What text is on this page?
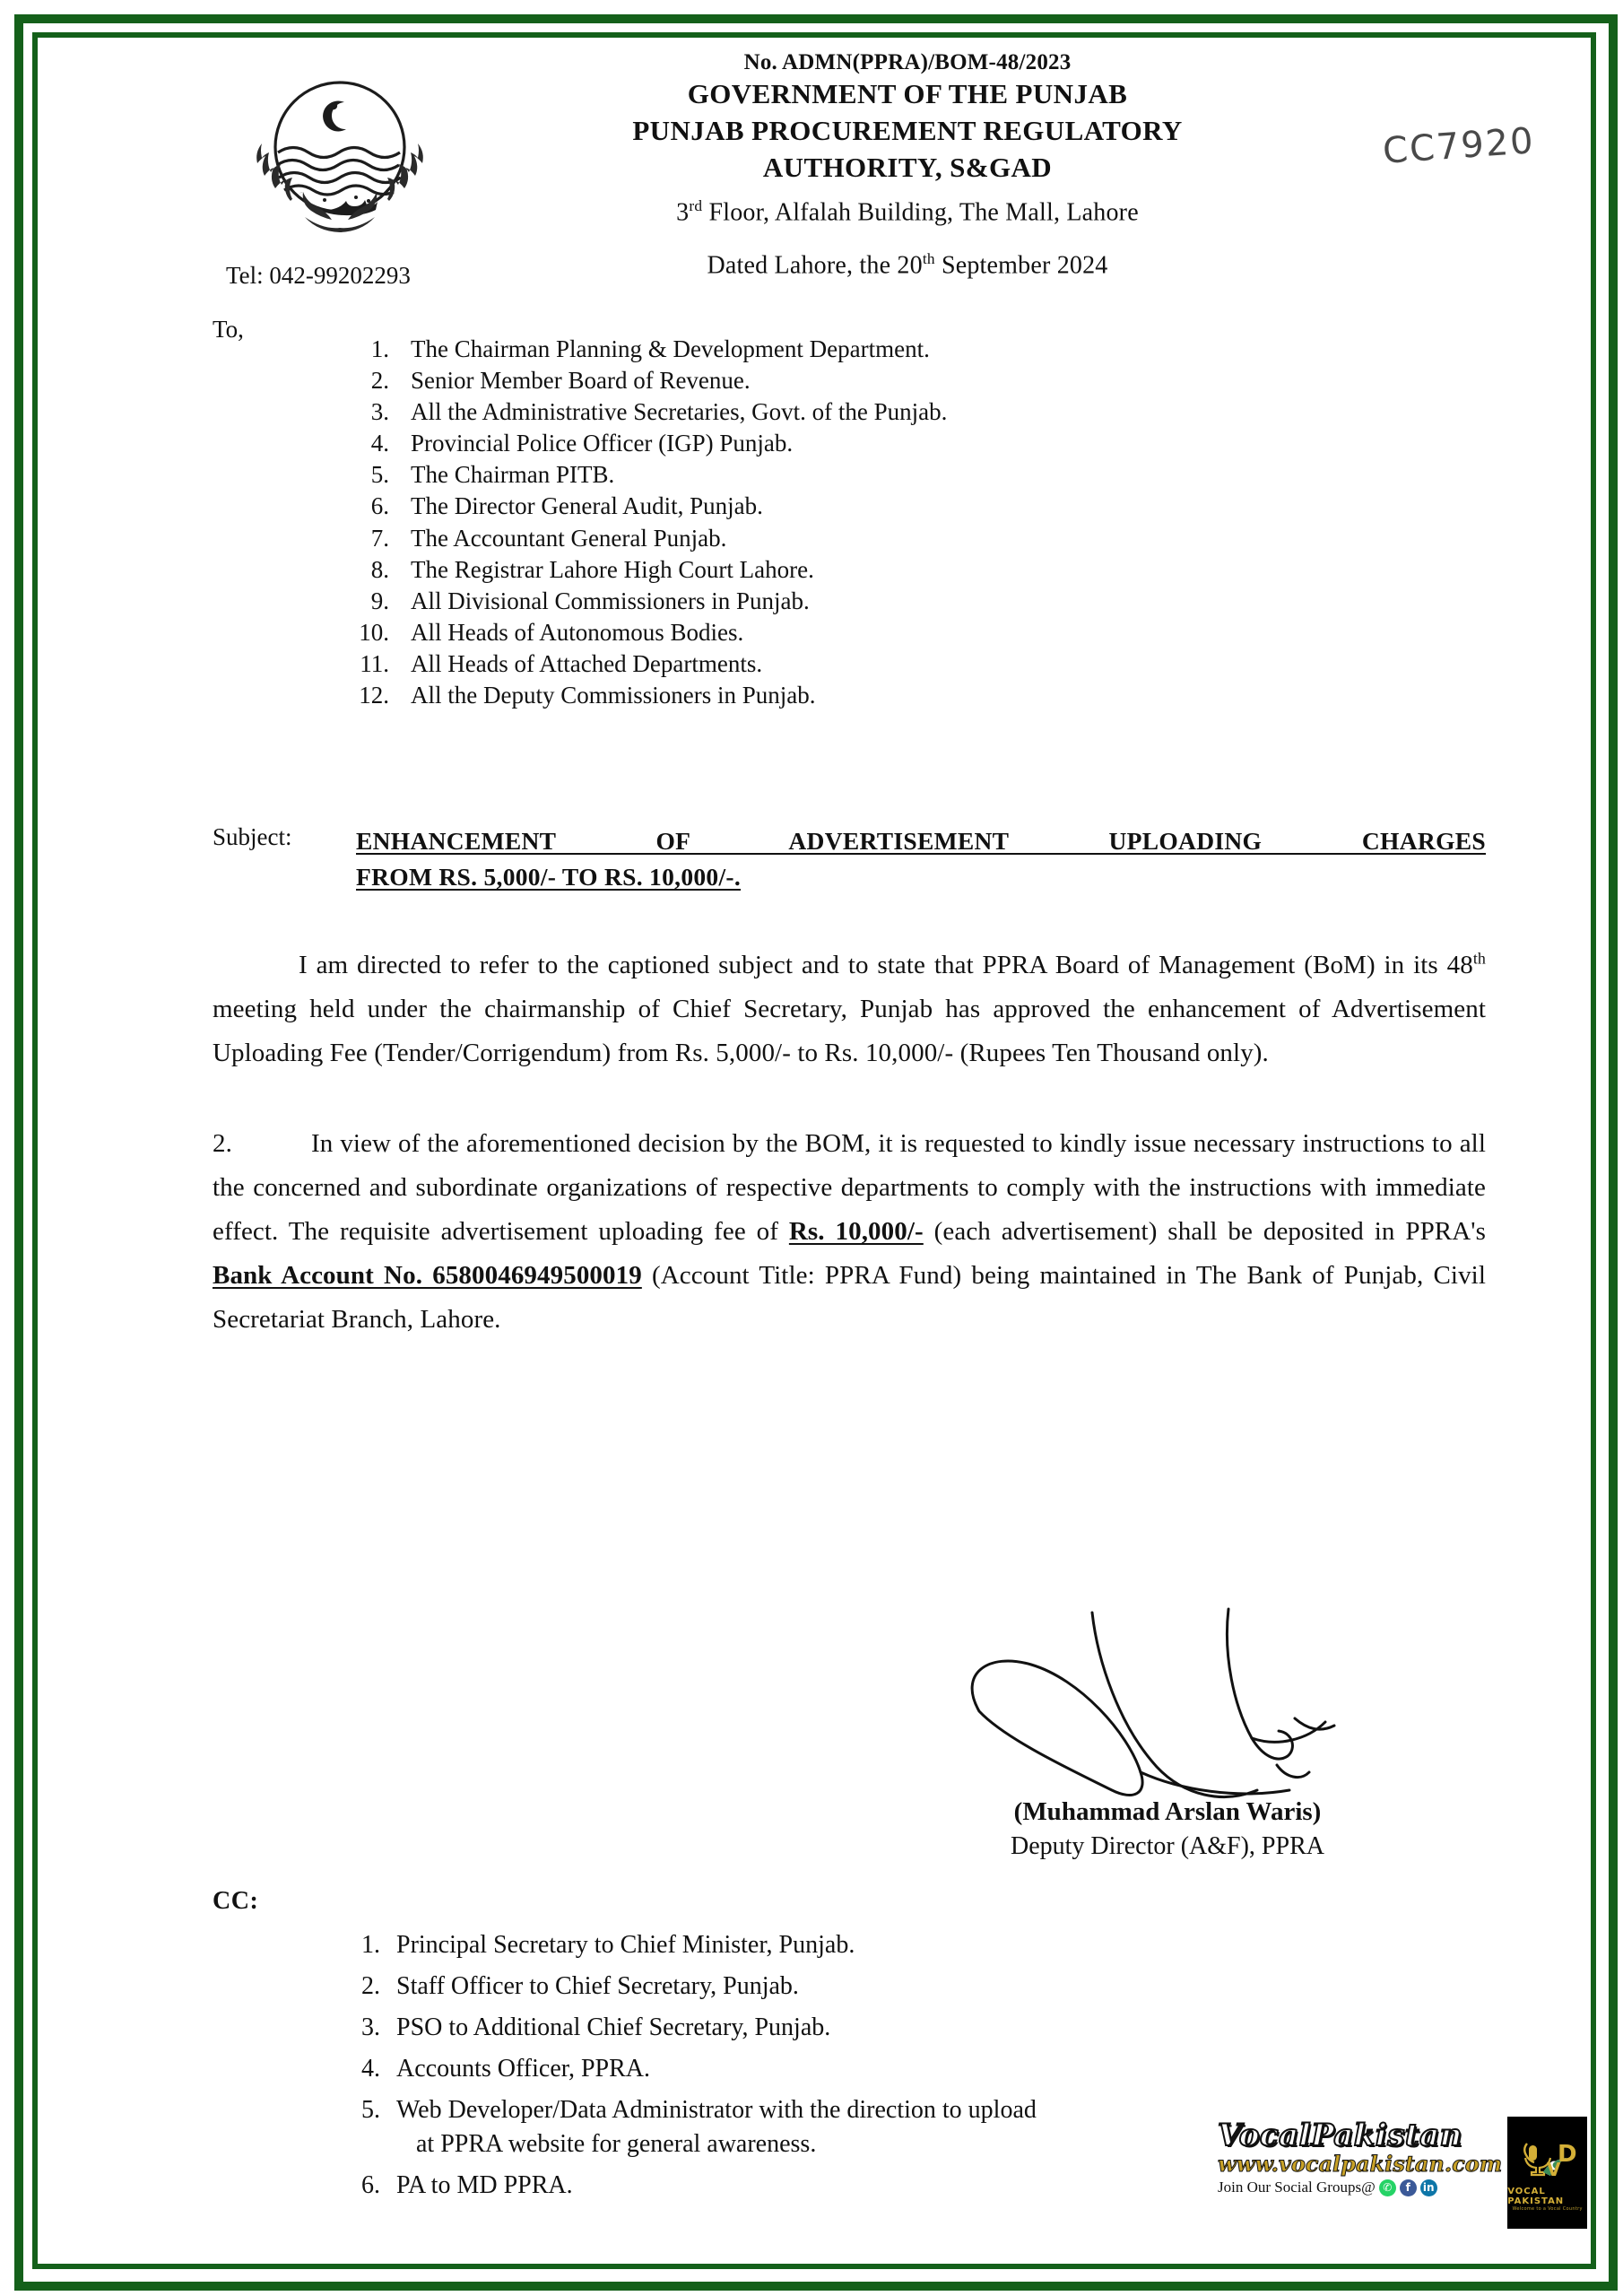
No. ADMN(PPRA)/BOM-48/2023
GOVERNMENT OF THE PUNJAB
PUNJAB PROCUREMENT REGULATORY
AUTHORITY, S&GAD
3rd Floor, Alfalah Building, The Mall, Lahore
Dated Lahore, the 20th September 2024
CC7920
Tel: 042-99202293
To,
1. The Chairman Planning & Development Department.
2. Senior Member Board of Revenue.
3. All the Administrative Secretaries, Govt. of the Punjab.
4. Provincial Police Officer (IGP) Punjab.
5. The Chairman PITB.
6. The Director General Audit, Punjab.
7. The Accountant General Punjab.
8. The Registrar Lahore High Court Lahore.
9. All Divisional Commissioners in Punjab.
10. All Heads of Autonomous Bodies.
11. All Heads of Attached Departments.
12. All the Deputy Commissioners in Punjab.
Subject:	ENHANCEMENT OF ADVERTISEMENT UPLOADING CHARGES
FROM RS. 5,000/- TO RS. 10,000/-.

I am directed to refer to the captioned subject and to state that PPRA Board of Management (BoM) in its 48th meeting held under the chairmanship of Chief Secretary, Punjab has approved the enhancement of Advertisement Uploading Fee (Tender/Corrigendum) from Rs. 5,000/- to Rs. 10,000/- (Rupees Ten Thousand only).

2.	In view of the aforementioned decision by the BOM, it is requested to kindly issue necessary instructions to all the concerned and subordinate organizations of respective departments to comply with the instructions with immediate effect. The requisite advertisement uploading fee of Rs. 10,000/- (each advertisement) shall be deposited in PPRA's Bank Account No. 6580046949500019 (Account Title: PPRA Fund) being maintained in The Bank of Punjab, Civil Secretariat Branch, Lahore.

(Muhammad Arslan Waris)
Deputy Director (A&F), PPRA
CC:
1. Principal Secretary to Chief Minister, Punjab.
2. Staff Officer to Chief Secretary, Punjab.
3. PSO to Additional Chief Secretary, Punjab.
4. Accounts Officer, PPRA.
5. Web Developer/Data Administrator with the direction to upload
at PPRA website for general awareness.
6. PA to MD PPRA.
VocalPakistan
www.vocalpakistan.com
Join Our Social Groups@ ✆	f	in
D
V
VOCAL PAKISTAN
Welcome to a Vocal Country
